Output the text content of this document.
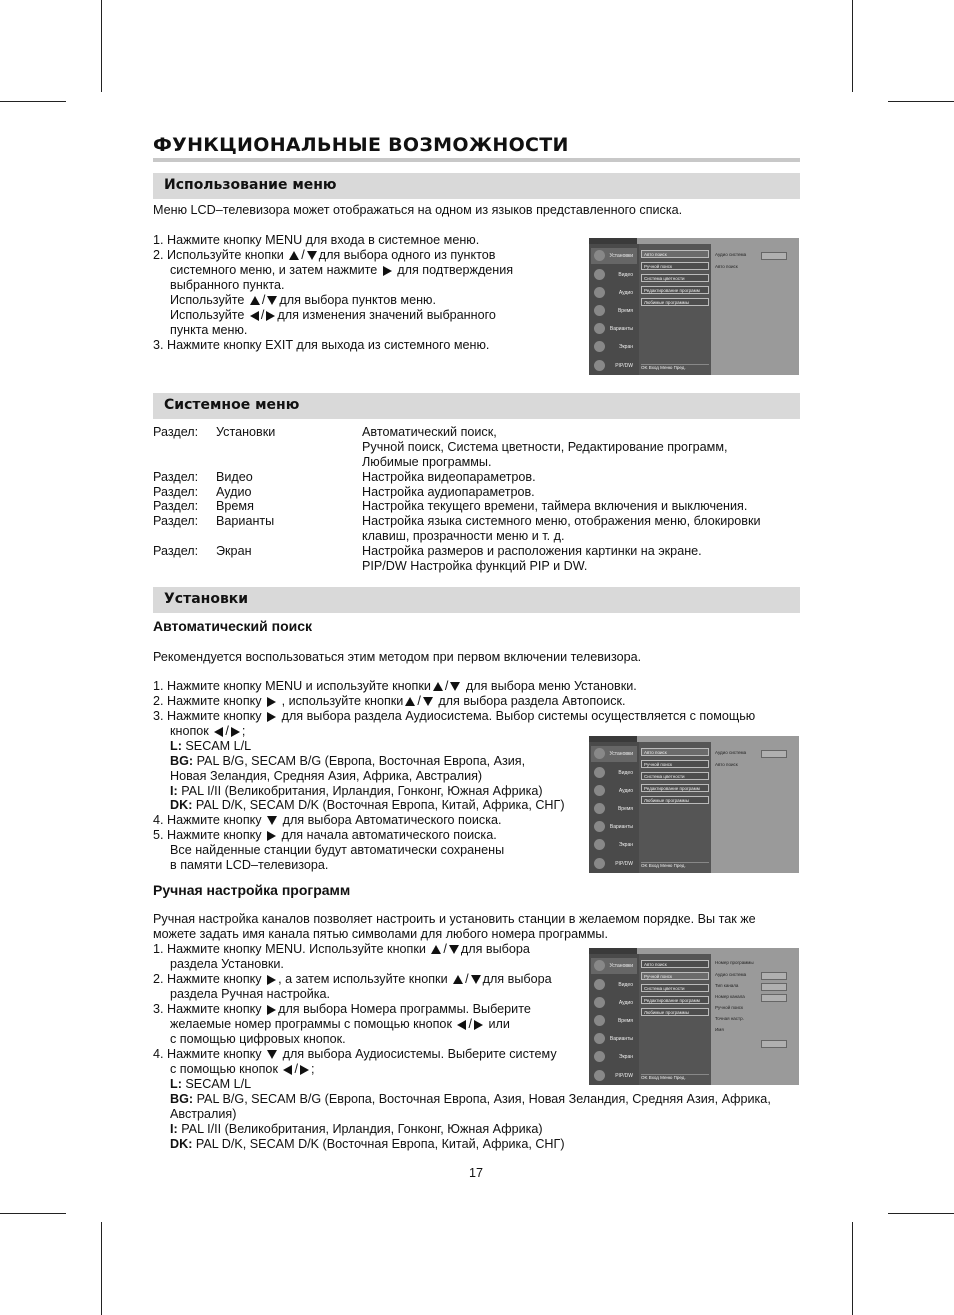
ФУНКЦИОНАЛЬНЫЕ ВОЗМОЖНОСТИ
Использование меню
Меню LCD–телевизора может отображаться на одном из языков представленного списка.
1. Нажмите кнопку MENU для входа в системное меню.
2. Используйте кнопки / для выбора одного из пунктов
системного меню, и затем нажмите для подтверждения
выбранного пункта.
Используйте / для выбора пунктов меню.
Используйте / для изменения значений выбранного
пункта меню.
3. Нажмите кнопку EXIT для выхода из системного меню.
Установки
Видео
Аудио
Время
Варианты
Экран
PIP/DW
Авто поиск
Ручной поиск
Система цветности
Редактирование программ
Любимые программы
OK Вход Меню Пред.
Аудио система
Авто поиск
Системное меню
Раздел: Установки	Автоматический поиск,
Ручной поиск, Система цветности, Редактирование программ,
Любимые программы.
Раздел: Видео	Настройка видеопараметров.
Раздел: Аудио	Настройка аудиопараметров.
Раздел: Время	Настройка текущего времени, таймера включения и выключения.
Раздел: Варианты	Настройка языка системного меню, отображения меню, блокировки
клавиш, прозрачности меню и т. д.
Раздел: Экран	Настройка размеров и расположения картинки на экране.
PIP/DW Настройка функций PIP и DW.
Установки
Автоматический поиск
Рекомендуется воспользоваться этим методом при первом включении телевизора.
1. Нажмите кнопку MENU и используйте кнопки / для выбора меню Установки.
2. Нажмите кнопку , используйте кнопки / для выбора раздела Автопоиск.
3. Нажмите кнопку для выбора раздела Аудиосистема. Выбор системы осуществляется с помощью
кнопок / ;
L: SECAM L/L
BG: PAL B/G, SECAM B/G (Европа, Восточная Европа, Азия,
Новая Зеландия, Средняя Азия, Африка, Австралия)
I: PAL I/II (Великобритания, Ирландия, Гонконг, Южная Африка)
DK: PAL D/K, SECAM D/K (Восточная Европа, Китай, Африка, СНГ)
4. Нажмите кнопку для выбора Автоматического поиска.
5. Нажмите кнопку для начала автоматического поиска.
Все найденные станции будут автоматически сохранены
в памяти LCD–телевизора.
Установки
Видео
Аудио
Время
Варианты
Экран
PIP/DW
Авто поиск
Ручной поиск
Система цветности
Редактирование программ
Любимые программы
OK Вход Меню Пред.
Аудио система
Авто поиск
Ручная настройка программ
Ручная настройка каналов позволяет настроить и установить станции в желаемом порядке. Вы так же
можете задать имя канала пятью символами для любого номера программы.
1. Нажмите кнопку MENU. Используйте кнопки / для выбора
раздела Установки.
2. Нажмите кнопку , а затем используйте кнопки / для выбора
раздела Ручная настройка.
3. Нажмите кнопку для выбора Номера программы. Выберите
желаемые номер программы с помощью кнопок / или
с помощью цифровых кнопок.
4. Нажмите кнопку для выбора Аудиосистемы. Выберите систему
с помощью кнопок / ;
L: SECAM L/L
BG: PAL B/G, SECAM B/G (Европа, Восточная Европа, Азия, Новая Зеландия, Средняя Азия, Африка,
Австралия)
I: PAL I/II (Великобритания, Ирландия, Гонконг, Южная Африка)
DK: PAL D/K, SECAM D/K (Восточная Европа, Китай, Африка, СНГ)
Установки
Видео
Аудио
Время
Варианты
Экран
PIP/DW
Авто поиск
Ручной поиск
Система цветности
Редактирование программ
Любимые программы
OK Вход Меню Пред.
Номер программы
Аудио система
Тип канала
Номер канала
Ручной поиск
Точная настр.
Имя
17
